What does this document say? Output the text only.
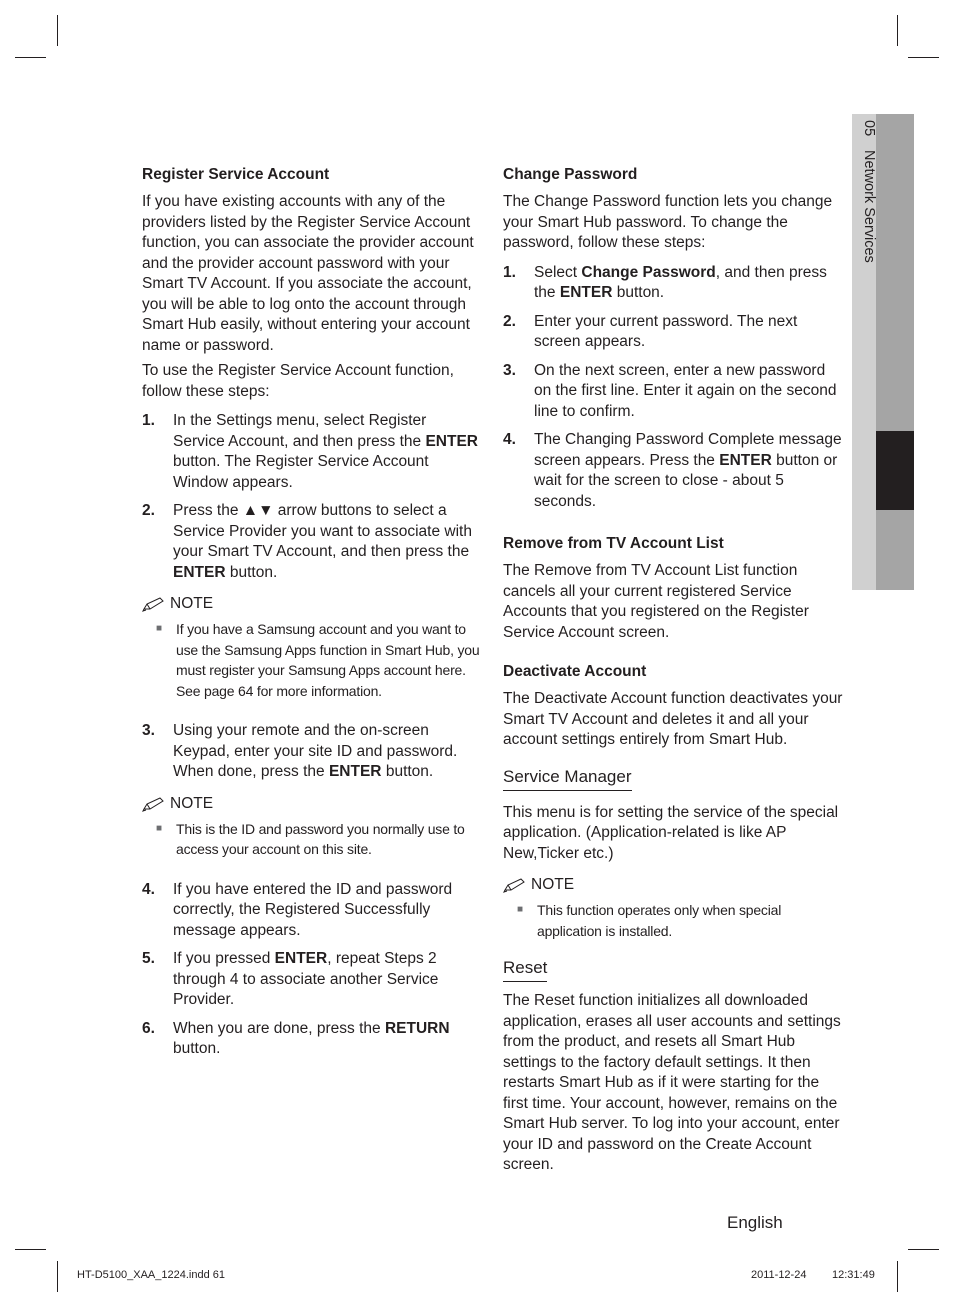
05 Network Services
Register Service Account

If you have existing accounts with any of the providers listed by the Register Service Account function, you can associate the provider account and the provider account password with your Smart TV Account. If you associate the account, you will be able to log onto the account through Smart Hub easily, without entering your account name or password.

To use the Register Service Account function, follow these steps:

1.	In the Settings menu, select Register Service Account, and then press the ENTER button. The Register Service Account Window appears.
2.	Press the ▲▼ arrow buttons to select a Service Provider you want to associate with your Smart TV Account, and then press the ENTER button.
NOTE
■	If you have a Samsung account and you want to use the Samsung Apps function in Smart Hub, you must register your Samsung Apps account here. See page 64 for more information.
3.	Using your remote and the on-screen Keypad, enter your site ID and password. When done, press the ENTER button.
NOTE
■	This is the ID and password you normally use to access your account on this site.
4.	If you have entered the ID and password correctly, the Registered Successfully message appears.
5.	If you pressed ENTER, repeat Steps 2 through 4 to associate another Service Provider.
6.	When you are done, press the RETURN button.
Change Password

The Change Password function lets you change your Smart Hub password. To change the password, follow these steps:

1.	Select Change Password, and then press the ENTER button.
2.	Enter your current password. The next screen appears.
3.	On the next screen, enter a new password on the first line. Enter it again on the second line to confirm.
4.	The Changing Password Complete message screen appears. Press the ENTER button or wait for the screen to close - about 5 seconds.
Remove from TV Account List

The Remove from TV Account List function cancels all your current registered Service Accounts that you registered on the Register Service Account screen.

Deactivate Account

The Deactivate Account function deactivates your Smart TV Account and deletes it and all your account settings entirely from Smart Hub.

Service Manager

This menu is for setting the service of the special application. (Application-related is like AP New,Ticker etc.)

NOTE
■	This function operates only when special application is installed.
Reset

The Reset function initializes all downloaded application, erases all user accounts and settings from the product, and resets all Smart Hub settings to the factory default settings. It then restarts Smart Hub as if it were starting for the first time. Your account, however, remains on the Smart Hub server. To log into your account, enter your ID and password on the Create Account screen.

English
HT-D5100_XAA_1224.indd 61	2011-12-24 12:31:49
